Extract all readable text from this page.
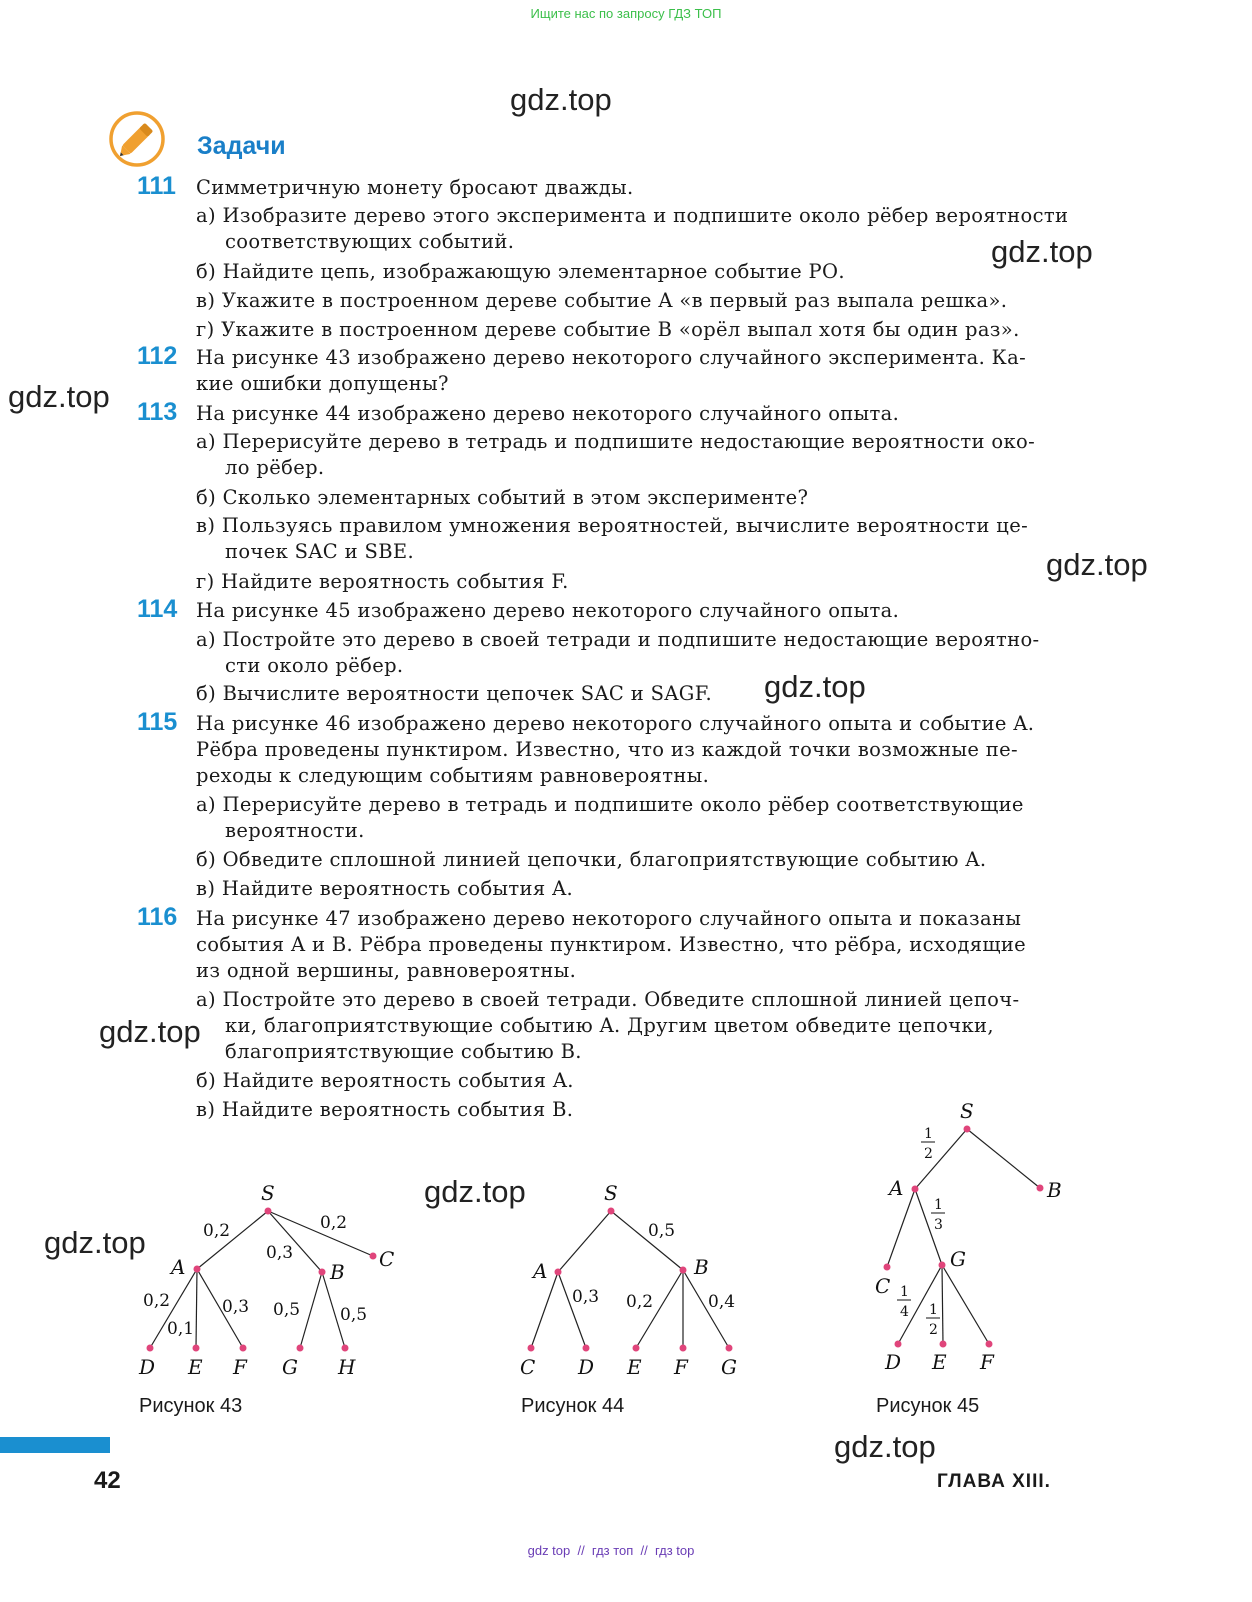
Ищите нас по запросу ГДЗ ТОП
gdz.top
gdz.top
gdz.top
gdz.top
gdz.top
gdz.top
gdz.top
gdz.top
gdz.top
Задачи
111 Симметричную монету бросают дважды.
а) Изобразите дерево этого эксперимента и подпишите около рёбер вероятности
соответствующих событий.
б) Найдите цепь, изображающую элементарное событие РО.
в) Укажите в построенном дереве событие A «в первый раз выпала решка».
г) Укажите в построенном дереве событие B «орёл выпал хотя бы один раз».
112 На рисунке 43 изображено дерево некоторого случайного эксперимента. Ка-
кие ошибки допущены?
113 На рисунке 44 изображено дерево некоторого случайного опыта.
а) Перерисуйте дерево в тетрадь и подпишите недостающие вероятности око-
ло рёбер.
б) Сколько элементарных событий в этом эксперименте?
в) Пользуясь правилом умножения вероятностей, вычислите вероятности це-
почек SAC и SBE.
г) Найдите вероятность события F.
114 На рисунке 45 изображено дерево некоторого случайного опыта.
а) Постройте это дерево в своей тетради и подпишите недостающие вероятно-
сти около рёбер.
б) Вычислите вероятности цепочек SAC и SAGF.
115 На рисунке 46 изображено дерево некоторого случайного опыта и событие A.
Рёбра проведены пунктиром. Известно, что из каждой точки возможные пе-
реходы к следующим событиям равновероятны.
а) Перерисуйте дерево в тетрадь и подпишите около рёбер соответствующие
вероятности.
б) Обведите сплошной линией цепочки, благоприятствующие событию A.
в) Найдите вероятность события A.
116 На рисунке 47 изображено дерево некоторого случайного опыта и показаны
события A и B. Рёбра проведены пунктиром. Известно, что рёбра, исходящие
из одной вершины, равновероятны.
а) Постройте это дерево в своей тетради. Обведите сплошной линией цепоч-
ки, благоприятствующие событию A. Другим цветом обведите цепочки,
благоприятствующие событию B.
б) Найдите вероятность события A.
в) Найдите вероятность события B.
S
A	B
C
D E F G H
0,2
0,3
0,2
0,2
0,1
0,3 0,5 0,5
S
A	B
C D E F G
0,5
0,3 0,2	0,4
S
A	B
C
G
D E F
1
2
1
3
1
4 1
2
Рисунок 43	Рисунок 44	Рисунок 45
42	ГЛАВА XIII.
gdz top  //  гдз топ  //  гдз top
